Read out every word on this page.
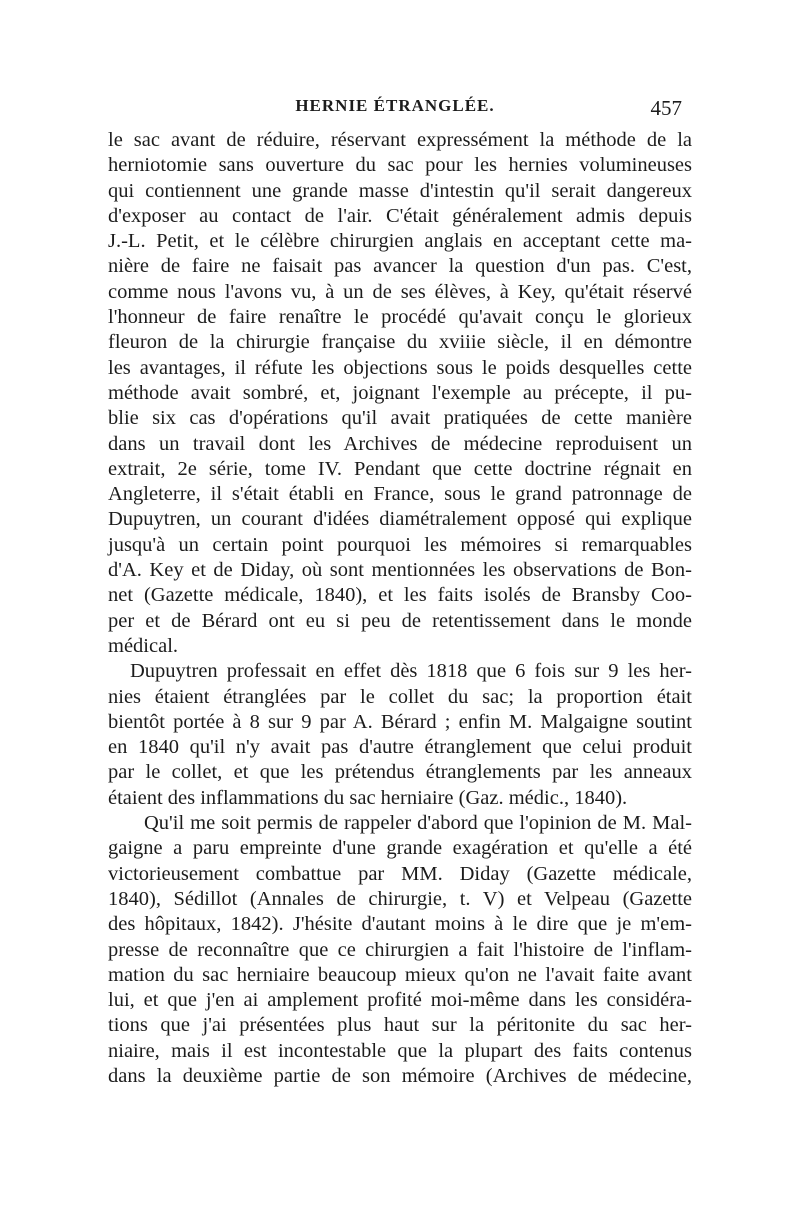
HERNIE ÉTRANGLÉE.	457
le sac avant de réduire, réservant expressément la méthode de la
herniotomie sans ouverture du sac pour les hernies volumineuses
qui contiennent une grande masse d'intestin qu'il serait dangereux
d'exposer au contact de l'air. C'était généralement admis depuis
J.-L. Petit, et le célèbre chirurgien anglais en acceptant cette ma-
nière de faire ne faisait pas avancer la question d'un pas. C'est,
comme nous l'avons vu, à un de ses élèves, à Key, qu'était réservé
l'honneur de faire renaître le procédé qu'avait conçu le glorieux
fleuron de la chirurgie française du xviiie siècle, il en démontre
les avantages, il réfute les objections sous le poids desquelles cette
méthode avait sombré, et, joignant l'exemple au précepte, il pu-
blie six cas d'opérations qu'il avait pratiquées de cette manière
dans un travail dont les Archives de médecine reproduisent un
extrait, 2e série, tome IV. Pendant que cette doctrine régnait en
Angleterre, il s'était établi en France, sous le grand patronnage de
Dupuytren, un courant d'idées diamétralement opposé qui explique
jusqu'à un certain point pourquoi les mémoires si remarquables
d'A. Key et de Diday, où sont mentionnées les observations de Bon-
net (Gazette médicale, 1840), et les faits isolés de Bransby Coo-
per et de Bérard ont eu si peu de retentissement dans le monde
médical.
Dupuytren professait en effet dès 1818 que 6 fois sur 9 les her-
nies étaient étranglées par le collet du sac; la proportion était
bientôt portée à 8 sur 9 par A. Bérard ; enfin M. Malgaigne soutint
en 1840 qu'il n'y avait pas d'autre étranglement que celui produit
par le collet, et que les prétendus étranglements par les anneaux
étaient des inflammations du sac herniaire (Gaz. médic., 1840).
Qu'il me soit permis de rappeler d'abord que l'opinion de M. Mal-
gaigne a paru empreinte d'une grande exagération et qu'elle a été
victorieusement combattue par MM. Diday (Gazette médicale,
1840), Sédillot (Annales de chirurgie, t. V) et Velpeau (Gazette
des hôpitaux, 1842). J'hésite d'autant moins à le dire que je m'em-
presse de reconnaître que ce chirurgien a fait l'histoire de l'inflam-
mation du sac herniaire beaucoup mieux qu'on ne l'avait faite avant
lui, et que j'en ai amplement profité moi-même dans les considéra-
tions que j'ai présentées plus haut sur la péritonite du sac her-
niaire, mais il est incontestable que la plupart des faits contenus
dans la deuxième partie de son mémoire (Archives de médecine,
